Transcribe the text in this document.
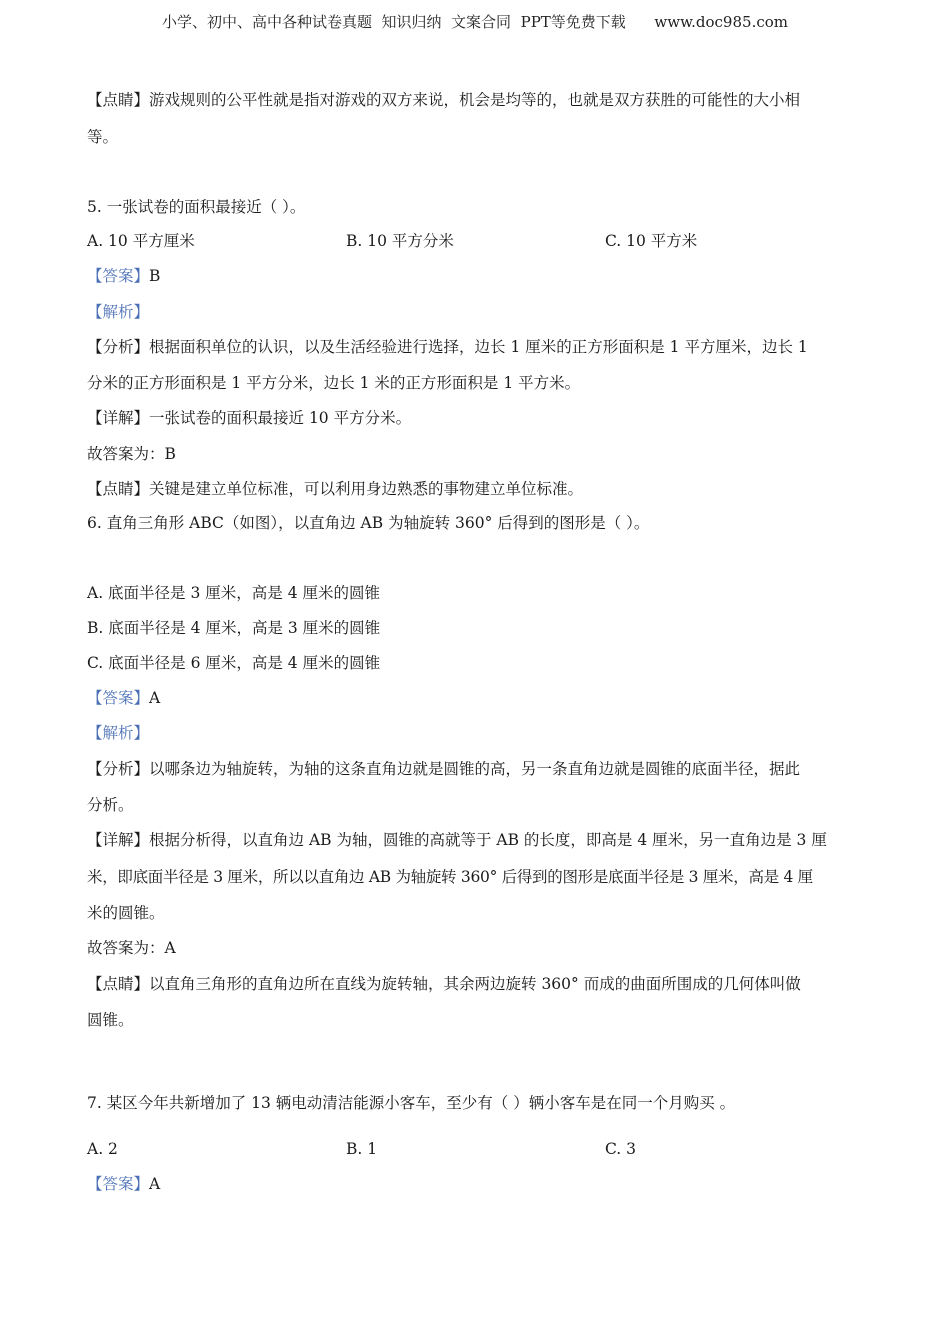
小学、初中、高中各种试卷真题  知识归纳  文案合同  PPT等免费下载      www.doc985.com
【点睛】游戏规则的公平性就是指对游戏的双方来说，机会是均等的，也就是双方获胜的可能性的大小相
等。
5. 一张试卷的面积最接近（ ）。
A. 10 平方厘米	B. 10 平方分米	C. 10 平方米
【答案】B
【解析】
【分析】根据面积单位的认识，以及生活经验进行选择，边长 1 厘米的正方形面积是 1 平方厘米，边长 1
分米的正方形面积是 1 平方分米，边长 1 米的正方形面积是 1 平方米。
【详解】一张试卷的面积最接近 10 平方分米。
故答案为：B
【点睛】关键是建立单位标准，可以利用身边熟悉的事物建立单位标准。
6. 直角三角形 ABC（如图），以直角边 AB 为轴旋转 360° 后得到的图形是（ ）。
A. 底面半径是 3 厘米，高是 4 厘米的圆锥
B. 底面半径是 4 厘米，高是 3 厘米的圆锥
C. 底面半径是 6 厘米，高是 4 厘米的圆锥
【答案】A
【解析】
【分析】以哪条边为轴旋转，为轴的这条直角边就是圆锥的高，另一条直角边就是圆锥的底面半径，据此
分析。
【详解】根据分析得，以直角边 AB 为轴，圆锥的高就等于 AB 的长度，即高是 4 厘米，另一直角边是 3 厘
米，即底面半径是 3 厘米，所以以直角边 AB 为轴旋转 360° 后得到的图形是底面半径是 3 厘米，高是 4 厘
米的圆锥。
故答案为：A
【点睛】以直角三角形的直角边所在直线为旋转轴，其余两边旋转 360° 而成的曲面所围成的几何体叫做
圆锥。
7. 某区今年共新增加了 13 辆电动清洁能源小客车，至少有（ ）辆小客车是在同一个月购买 。
A. 2	B. 1	C. 3
【答案】A
